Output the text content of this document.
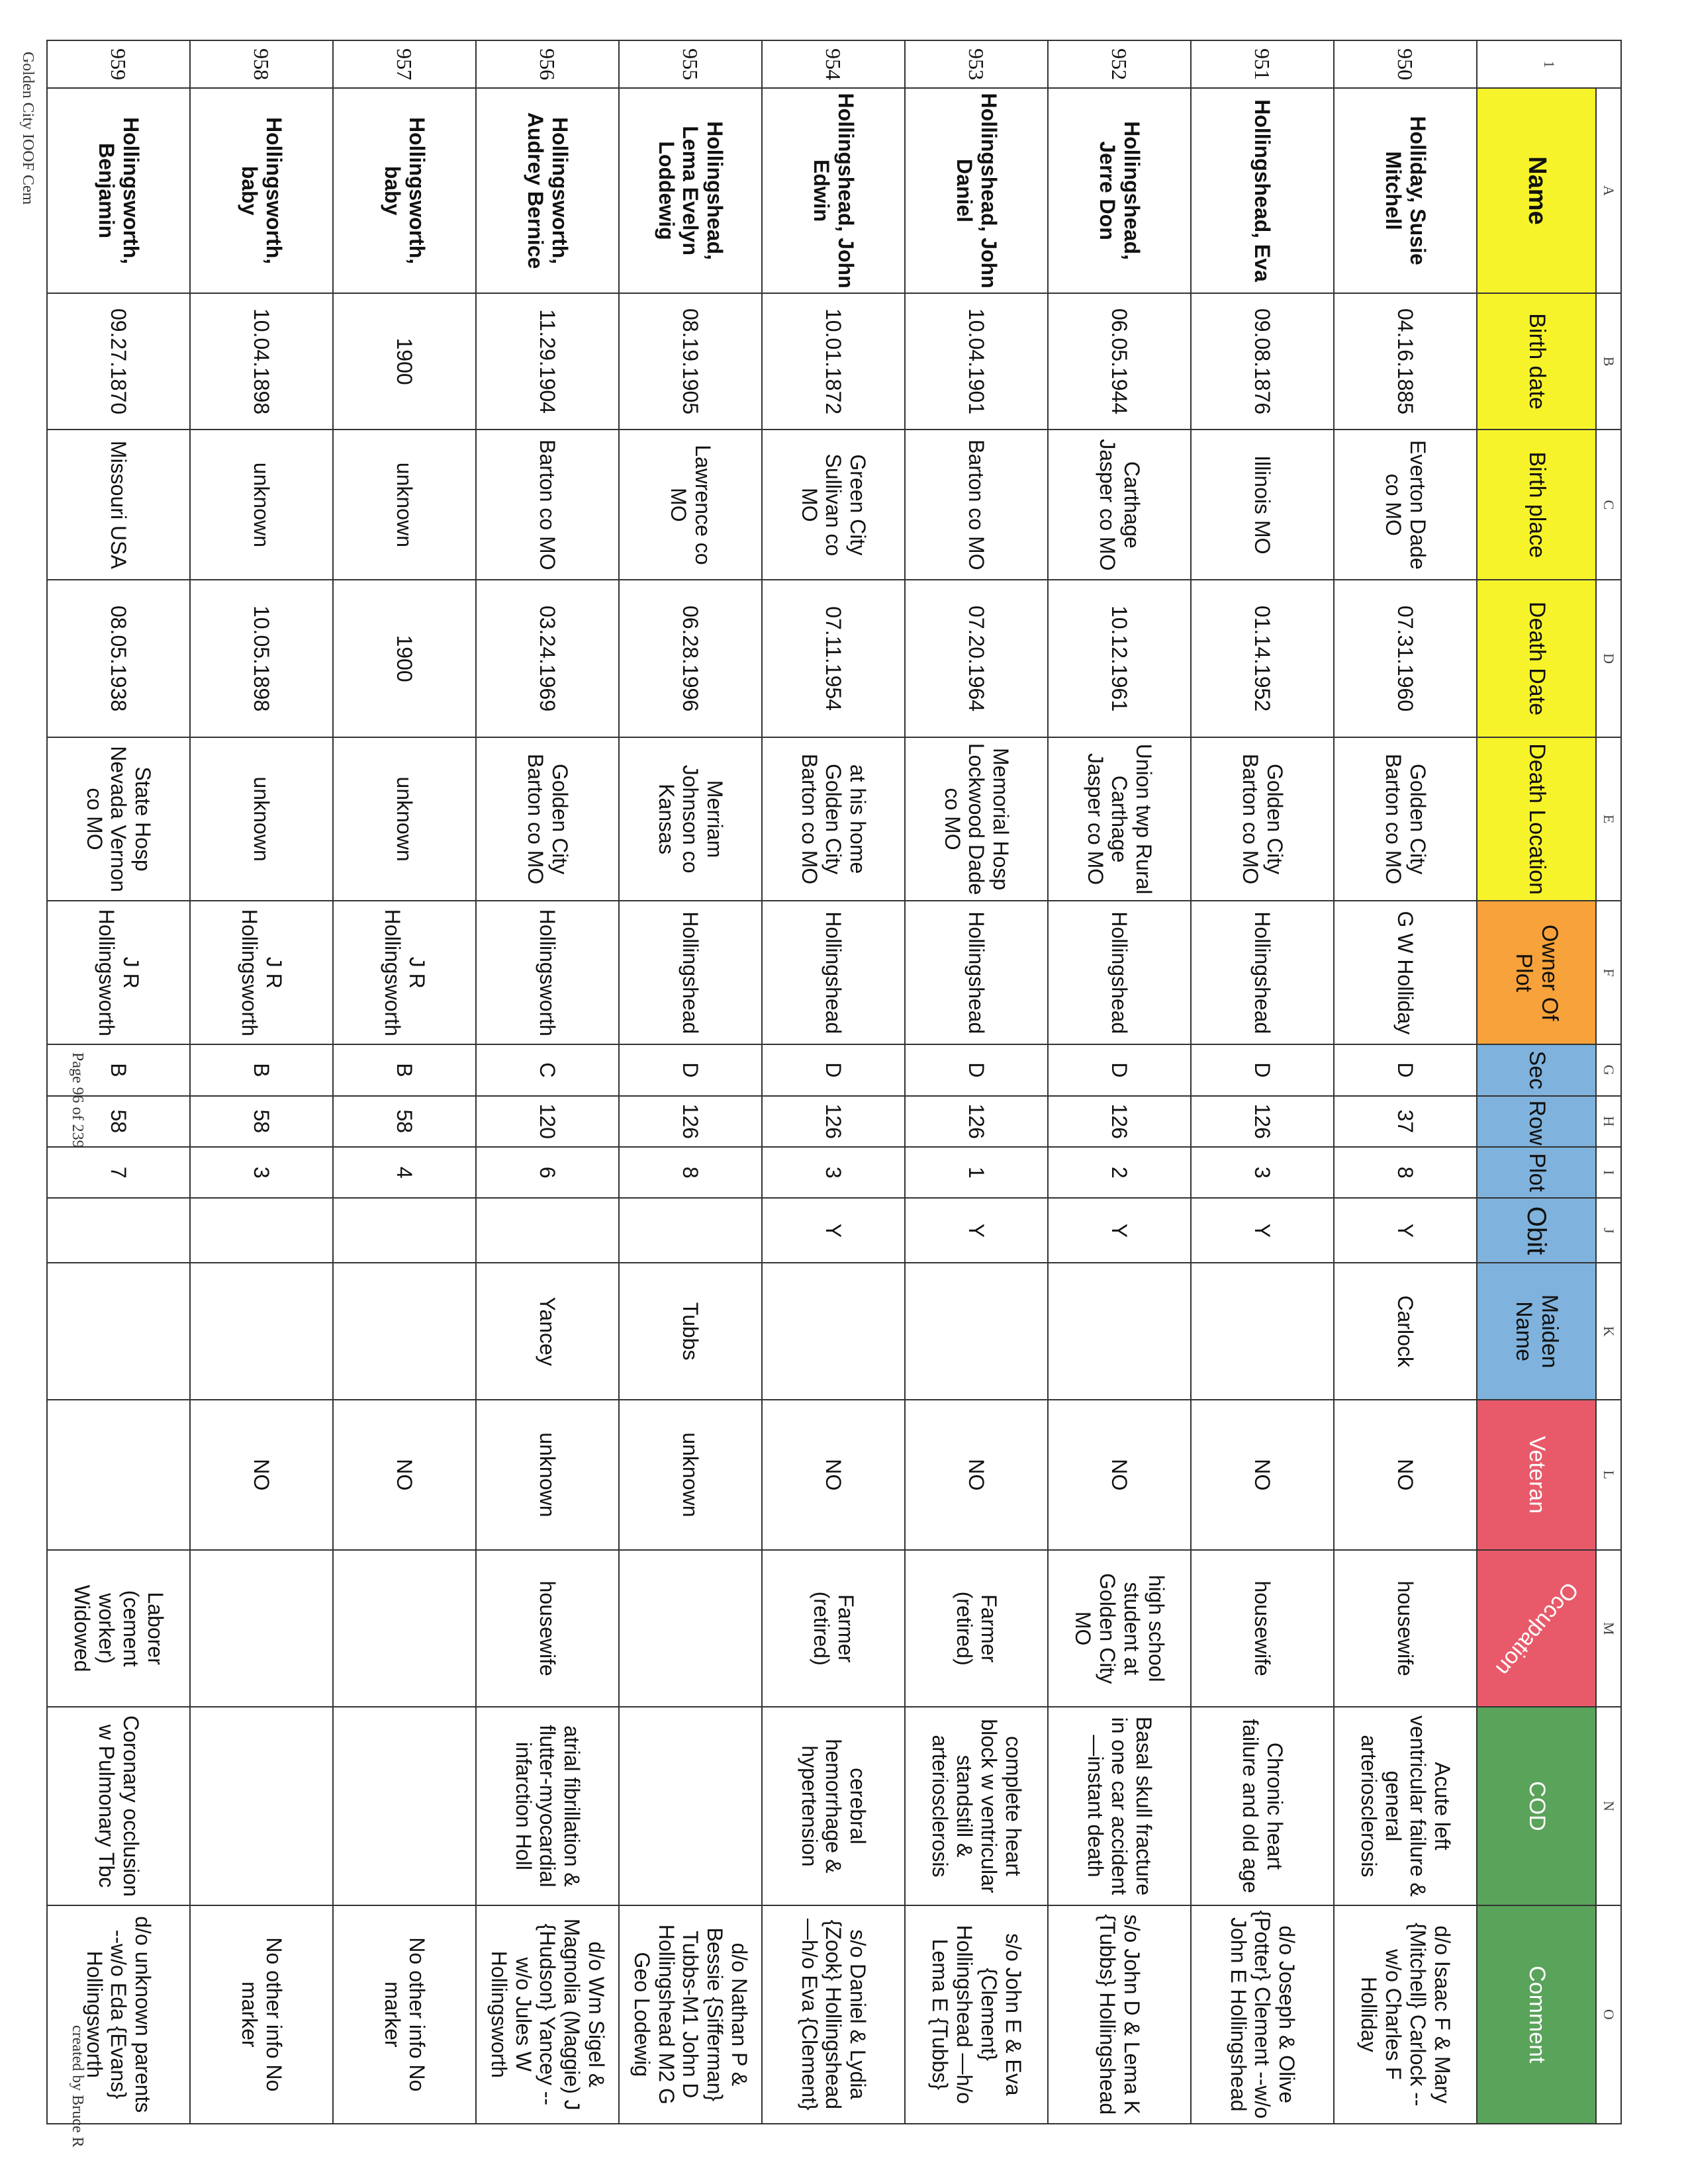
1	A	B	C	D	E	F	G	H	I	J	K	L	M	N	O
	Name	Birth date	Birth place	Death Date	Death Location	Owner Of Plot	Sec	Row	Plot	Obit	Maiden Name	Veteran	Occupation	COD	Comment
950	Holliday, Susie Mitchell	04.16.1885	Everton Dade co MO	07.31.1960	Golden City Barton co MO	G W Holliday	D	37	8	Y	Carlock	NO	housewife	Acute left ventricular failure & general arteriosclerosis	d/o Isaac F & Mary {Mitchell} Carlock --w/o Charles F Holliday
951	Hollingshead, Eva	09.08.1876	Illinois MO	01.14.1952	Golden City Barton co MO	Hollingshead	D	126	3	Y		NO	housewife	Chronic heart failure and old age	d/o Joseph & Olive {Potter} Clement --w/o John E Hollingshead
952	Hollingshead, Jerre Don	06.05.1944	Carthage Jasper co MO	10.12.1961	Union twp Rural Carthage Jasper co MO	Hollingshead	D	126	2	Y		NO	high school student at Golden City MO	Basal skull fracture in one car accident—instant death	s/o John D & Lema K {Tubbs} Hollingshead
953	Hollingshead, John Daniel	10.04.1901	Barton co MO	07.20.1964	Memorial Hosp Lockwood Dade co MO	Hollingshead	D	126	1	Y		NO	Farmer (retired)	complete heart block w ventricular standstill & arteriosclerosis	s/o John E & Eva {Clement} Hollingshead —h/o Lema E {Tubbs}
954	Hollingshead, John Edwin	10.01.1872	Green City Sullivan co MO	07.11.1954	at his home Golden City Barton co MO	Hollingshead	D	126	3	Y		NO	Farmer (retired)	cerebral hemorrhage & hypertension	s/o Daniel & Lydia {Zook} Hollingshead —h/o Eva {Clement}
955	Hollingshead, Lema Evelyn Loddewig	08.19.1905	Lawrence co MO	06.28.1996	Merriam Johnson co Kansas	Hollingshead	D	126	8		Tubbs	unknown			d/o Nathan P & Bessie {Sifferman} Tubbs-M1 John D Hollingshead M2 G Geo Lodewig
956	Hollingsworth, Audrey Bernice	11.29.1904	Barton co MO	03.24.1969	Golden City Barton co MO	Hollingsworth	C	120	6		Yancey	unknown	housewife	atrial fibrillation & flutter-myocardial infarction Holl	d/o Wm Sigel & Magnolia (Maggie) J {Hudson} Yancey --w/o Jules W Hollingsworth
957	Hollingsworth, baby	1900	unknown	1900	unknown	J R Hollingsworth	B	58	4			NO			No other info No marker
958	Hollingsworth, baby	10.04.1898	unknown	10.05.1898	unknown	J R Hollingsworth	B	58	3			NO			No other info No marker
959	Hollingsworth, Benjamin	09.27.1870	Missouri USA	08.05.1938	State Hosp Nevada Vernon co MO	J R Hollingsworth	B	58	7				Laborer (cement worker) Widowed	Coronary occlusion w Pulmonary Tbc	d/o unknown parents --w/o Eda {Evans} Hollingsworth
Golden City IOOF Cem
Page 96 of 239
created by Bruce R
